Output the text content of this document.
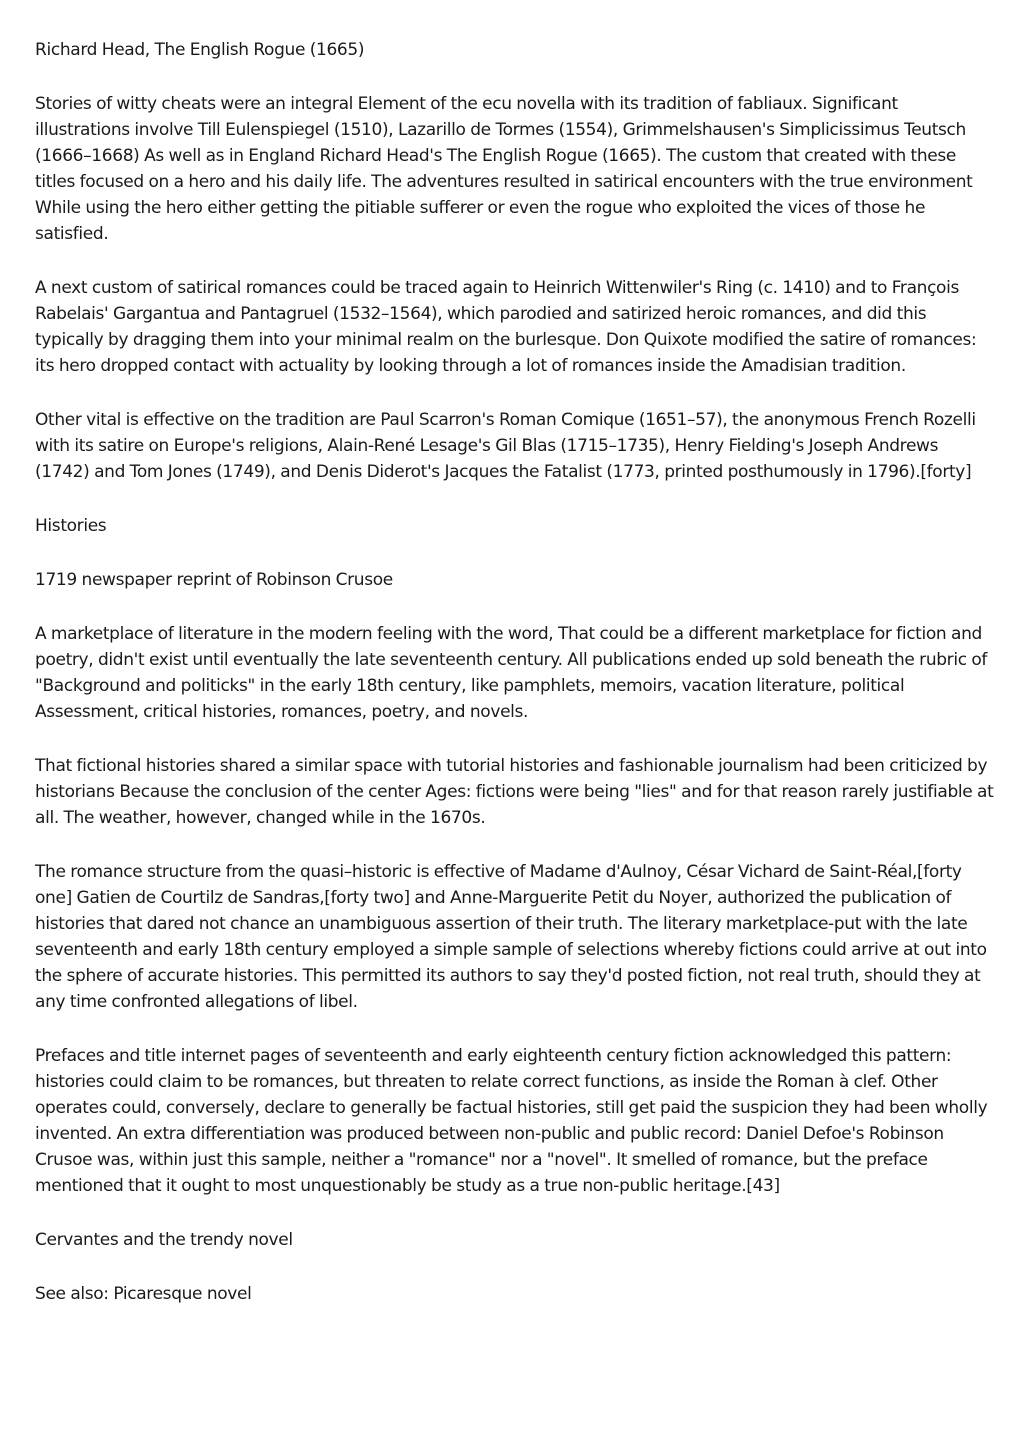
Richard Head, The English Rogue (1665)

Stories of witty cheats were an integral Element of the ecu novella with its tradition of fabliaux. Significant illustrations involve Till Eulenspiegel (1510), Lazarillo de Tormes (1554), Grimmelshausen's Simplicissimus Teutsch (1666–1668) As well as in England Richard Head's The English Rogue (1665). The custom that created with these titles focused on a hero and his daily life. The adventures resulted in satirical encounters with the true environment While using the hero either getting the pitiable sufferer or even the rogue who exploited the vices of those he satisfied.

A next custom of satirical romances could be traced again to Heinrich Wittenwiler's Ring (c. 1410) and to François Rabelais' Gargantua and Pantagruel (1532–1564), which parodied and satirized heroic romances, and did this typically by dragging them into your minimal realm on the burlesque. Don Quixote modified the satire of romances: its hero dropped contact with actuality by looking through a lot of romances inside the Amadisian tradition.

Other vital is effective on the tradition are Paul Scarron's Roman Comique (1651–57), the anonymous French Rozelli with its satire on Europe's religions, Alain-René Lesage's Gil Blas (1715–1735), Henry Fielding's Joseph Andrews (1742) and Tom Jones (1749), and Denis Diderot's Jacques the Fatalist (1773, printed posthumously in 1796).[forty]

Histories

1719 newspaper reprint of Robinson Crusoe

A marketplace of literature in the modern feeling with the word, That could be a different marketplace for fiction and poetry, didn't exist until eventually the late seventeenth century. All publications ended up sold beneath the rubric of "Background and politicks" in the early 18th century, like pamphlets, memoirs, vacation literature, political Assessment, critical histories, romances, poetry, and novels.

That fictional histories shared a similar space with tutorial histories and fashionable journalism had been criticized by historians Because the conclusion of the center Ages: fictions were being "lies" and for that reason rarely justifiable at all. The weather, however, changed while in the 1670s.

The romance structure from the quasi–historic is effective of Madame d'Aulnoy, César Vichard de Saint-Réal,[forty one] Gatien de Courtilz de Sandras,[forty two] and Anne-Marguerite Petit du Noyer, authorized the publication of histories that dared not chance an unambiguous assertion of their truth. The literary marketplace-put with the late seventeenth and early 18th century employed a simple sample of selections whereby fictions could arrive at out into the sphere of accurate histories. This permitted its authors to say they'd posted fiction, not real truth, should they at any time confronted allegations of libel.

Prefaces and title internet pages of seventeenth and early eighteenth century fiction acknowledged this pattern: histories could claim to be romances, but threaten to relate correct functions, as inside the Roman à clef. Other operates could, conversely, declare to generally be factual histories, still get paid the suspicion they had been wholly invented. An extra differentiation was produced between non-public and public record: Daniel Defoe's Robinson Crusoe was, within just this sample, neither a "romance" nor a "novel". It smelled of romance, but the preface mentioned that it ought to most unquestionably be study as a true non-public heritage.[43]

Cervantes and the trendy novel

See also: Picaresque novel
